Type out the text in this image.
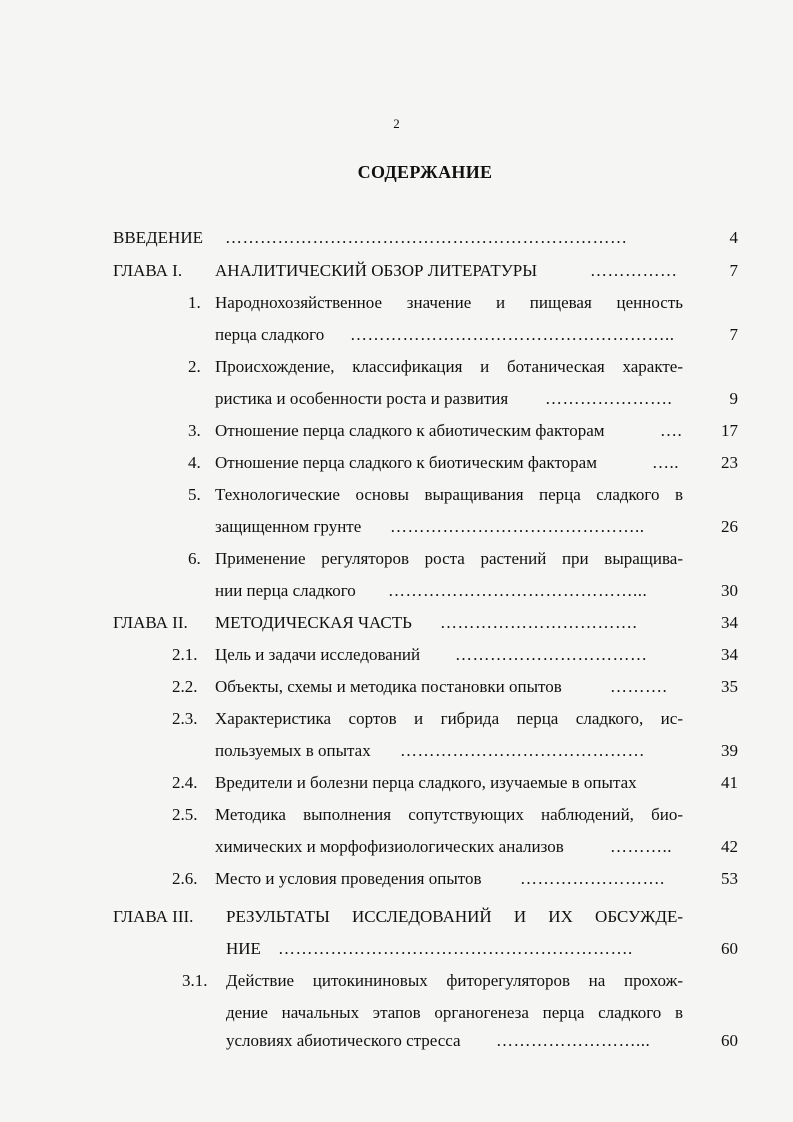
2
СОДЕРЖАНИЕ
ВВЕДЕНИЕ ……………………………………………………………	4
ГЛАВА I. АНАЛИТИЧЕСКИЙ ОБЗОР ЛИТЕРАТУРЫ	……………	7
1. Народнохозяйственное значение и пищевая ценность
перца сладкого ………………………………………………..	7
2. Происхождение, классификация и ботаническая характе-
ристика и особенности роста и развития ………………….	9
3. Отношение перца сладкого к абиотическим факторам	….	17
4. Отношение перца сладкого к биотическим факторам	…..	23
5. Технологические основы выращивания перца сладкого в
защищенном грунте ……………………………………..	26
6. Применение регуляторов роста растений при выращива-
нии перца сладкого ……………………………………...	30
ГЛАВА II. МЕТОДИЧЕСКАЯ ЧАСТЬ …………………………….	34
2.1. Цель и задачи исследований ……………………………	34
2.2. Объекты, схемы и методика постановки опытов	……….	35
2.3. Характеристика сортов и гибрида перца сладкого, ис-
пользуемых в опытах ……………………………………	39
2.4. Вредители и болезни перца сладкого, изучаемые в опытах	41
2.5. Методика выполнения сопутствующих наблюдений, био-
химических и морфофизиологических анализов	………..	42
2.6. Место и условия проведения опытов …………………….	53
ГЛАВА III. РЕЗУЛЬТАТЫ ИССЛЕДОВАНИЙ И ИХ ОБСУЖДЕ-
НИЕ …………………………………………………….	60
3.1. Действие цитокининовых фиторегуляторов на прохож-
дение начальных этапов органогенеза перца сладкого в
условиях абиотического стресса ……………………...	60
